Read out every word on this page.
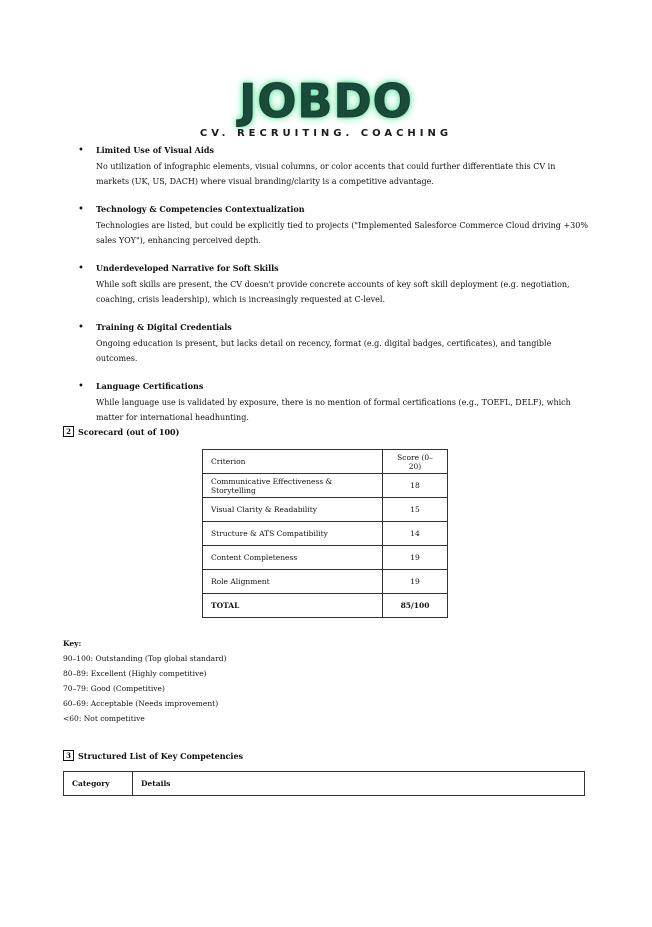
JOBDO
CV. RECRUITING. COACHING
• Limited Use of Visual Aids
No utilization of infographic elements, visual columns, or color accents that could further differentiate this CV in markets (UK, US, DACH) where visual branding/clarity is a competitive advantage.
• Technology & Competencies Contextualization
Technologies are listed, but could be explicitly tied to projects ("Implemented Salesforce Commerce Cloud driving +30% sales YOY"), enhancing perceived depth.
• Underdeveloped Narrative for Soft Skills
While soft skills are present, the CV doesn't provide concrete accounts of key soft skill deployment (e.g. negotiation, coaching, crisis leadership), which is increasingly requested at C-level.
• Training & Digital Credentials
Ongoing education is present, but lacks detail on recency, format (e.g. digital badges, certificates), and tangible outcomes.
• Language Certifications
While language use is validated by exposure, there is no mention of formal certifications (e.g., TOEFL, DELF), which matter for international headhunting.
2 Scorecard (out of 100)
Criterion	Score (0–20)
Communicative Effectiveness & Storytelling	18
Visual Clarity & Readability	15
Structure & ATS Compatibility	14
Content Completeness	19
Role Alignment	19
TOTAL	85/100
Key:
90–100: Outstanding (Top global standard)
80–89: Excellent (Highly competitive)
70–79: Good (Competitive)
60–69: Acceptable (Needs improvement)
<60: Not competitive
3 Structured List of Key Competencies
Category	Details
